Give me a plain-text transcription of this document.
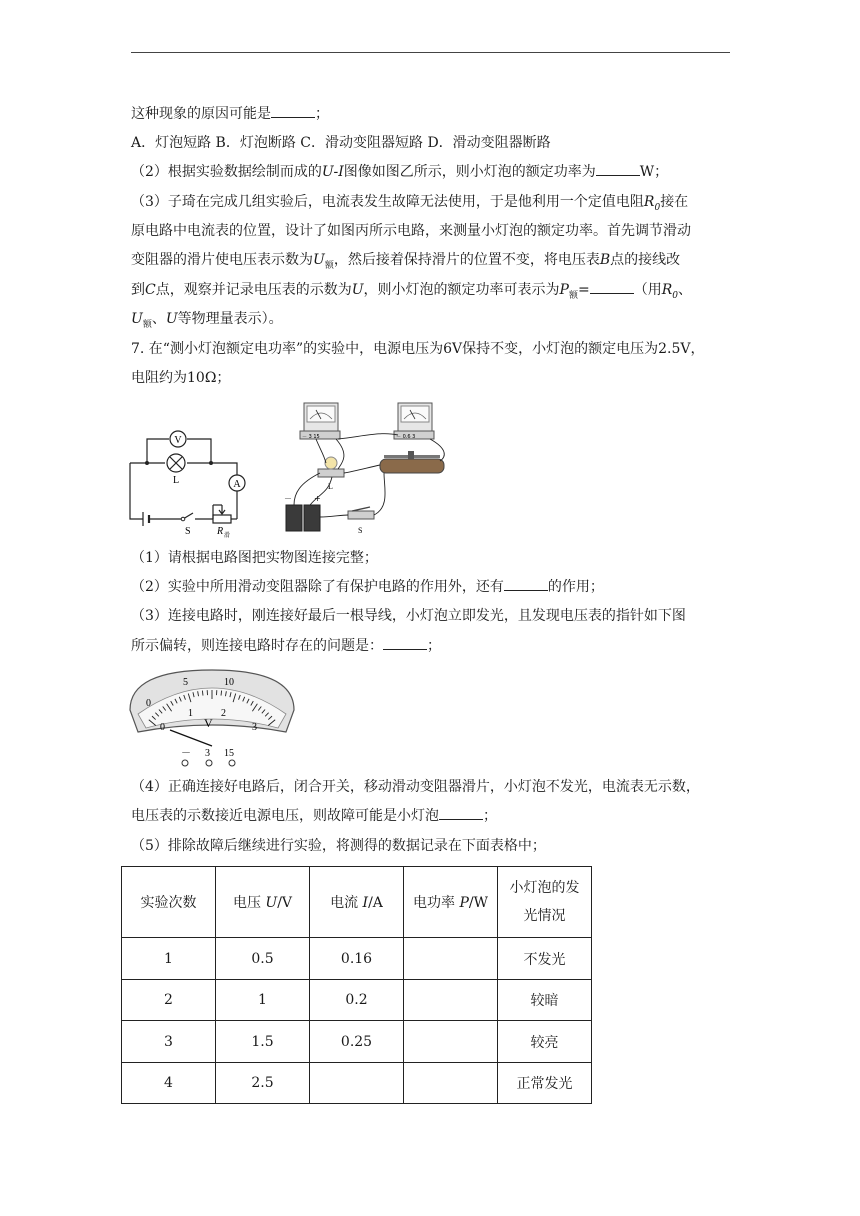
这种现象的原因可能是	；

A．灯泡短路 B．灯泡断路 C．滑动变阻器短路 D．滑动变阻器断路

（2）根据实验数据绘制而成的U-I图像如图乙所示，则小灯泡的额定功率为	W；

（3）子琦在完成几组实验后，电流表发生故障无法使用，于是他利用一个定值电阻$R_0$接在

原电路中电流表的位置，设计了如图丙所示电路，来测量小灯泡的额定功率。首先调节滑动

变阻器的滑片使电压表示数为$U_额$，然后接着保持滑片的位置不变，将电压表B点的接线改

到C点，观察并记录电压表的示数为U，则小灯泡的额定功率可表示为$P_额=$	（用$R_0$、

$U_额$、U等物理量表示）。

7. 在“测小灯泡额定电功率”的实验中，电源电压为6V保持不变，小灯泡的额定电压为2.5V，

电阻约为10Ω；

V
L	A
S	R 滑
－ 3 15	－ 0.6 3
L
－	+
S

（1）请根据电路图把实物图连接完整；

（2）实验中所用滑动变阻器除了有保护电路的作用外，还有	的作用；

（3）连接电路时，刚连接好最后一根导线，小灯泡立即发光，且发现电压表的指针如下图

所示偏转，则连接电路时存在的问题是：	；

0
5	10
0
1	2
3
V
－ 3 15

（4）正确连接好电路后，闭合开关，移动滑动变阻器滑片，小灯泡不发光，电流表无示数，

电压表的示数接近电源电压，则故障可能是小灯泡	；

（5）排除故障后继续进行实验，将测得的数据记录在下面表格中；

实验次数	电压 U/V	电流 I/A	电功率 P/W	小灯泡的发
光情况
1	0.5	0.16		不发光
2	1	0.2		较暗
3	1.5	0.25		较亮
4	2.5			正常发光
